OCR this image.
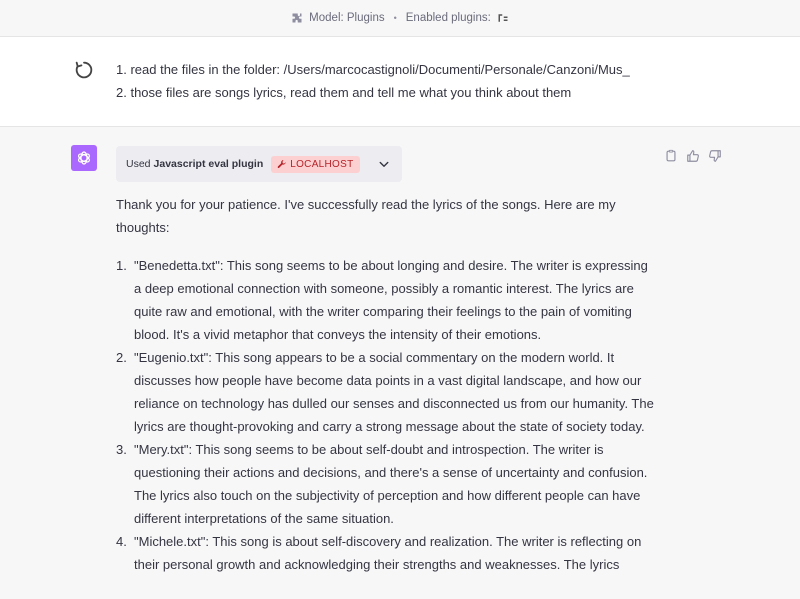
Model: Plugins • Enabled plugins:
1. read the files in the folder: /Users/marcocastignoli/Documenti/Personale/Canzoni/Mus_
2. those files are songs lyrics, read them and tell me what you think about them
Used Javascript eval plugin	LOCALHOST

Thank you for your patience. I've successfully read the lyrics of the songs. Here are my thoughts:

1. "Benedetta.txt": This song seems to be about longing and desire. The writer is expressing a deep emotional connection with someone, possibly a romantic interest. The lyrics are quite raw and emotional, with the writer comparing their feelings to the pain of vomiting blood. It's a vivid metaphor that conveys the intensity of their emotions.
2. "Eugenio.txt": This song appears to be a social commentary on the modern world. It discusses how people have become data points in a vast digital landscape, and how our reliance on technology has dulled our senses and disconnected us from our humanity. The lyrics are thought-provoking and carry a strong message about the state of society today.
3. "Mery.txt": This song seems to be about self-doubt and introspection. The writer is questioning their actions and decisions, and there's a sense of uncertainty and confusion. The lyrics also touch on the subjectivity of perception and how different people can have different interpretations of the same situation.
4. "Michele.txt": This song is about self-discovery and realization. The writer is reflecting on their personal growth and acknowledging their strengths and weaknesses. The lyrics
